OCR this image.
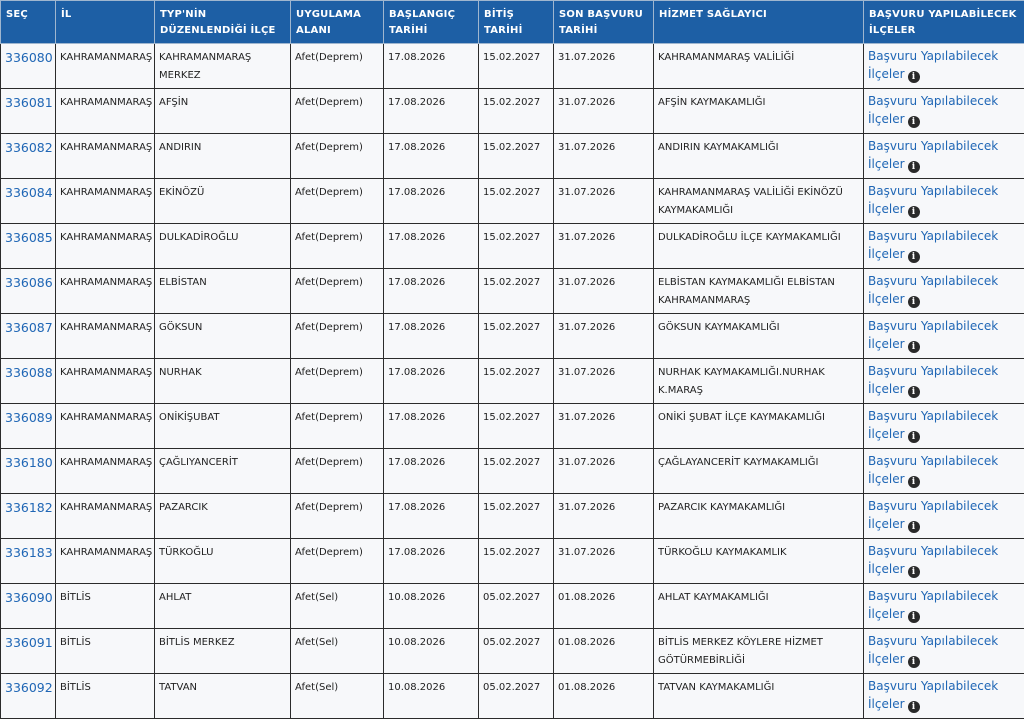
SEÇ	İL	TYP'NİN DÜZENLENDİĞİ İLÇE	UYGULAMA ALANI	BAŞLANGIÇ TARİHİ	BİTİŞ TARİHİ	SON BAŞVURU TARİHİ	HİZMET SAĞLAYICI	BAŞVURU YAPILABİLECEK İLÇELER
336080	KAHRAMANMARAŞ	KAHRAMANMARAŞ MERKEZ	Afet(Deprem)	17.08.2026	15.02.2027	31.07.2026	KAHRAMANMARAŞ VALİLİĞİ	Başvuru Yapılabilecek İlçeler i
336081	KAHRAMANMARAŞ	AFŞİN	Afet(Deprem)	17.08.2026	15.02.2027	31.07.2026	AFŞİN KAYMAKAMLIĞI	Başvuru Yapılabilecek İlçeler i
336082	KAHRAMANMARAŞ	ANDIRIN	Afet(Deprem)	17.08.2026	15.02.2027	31.07.2026	ANDIRIN KAYMAKAMLIĞI	Başvuru Yapılabilecek İlçeler i
336084	KAHRAMANMARAŞ	EKİNÖZÜ	Afet(Deprem)	17.08.2026	15.02.2027	31.07.2026	KAHRAMANMARAŞ VALİLİĞİ EKİNÖZÜ KAYMAKAMLIĞI	Başvuru Yapılabilecek İlçeler i
336085	KAHRAMANMARAŞ	DULKADİROĞLU	Afet(Deprem)	17.08.2026	15.02.2027	31.07.2026	DULKADİROĞLU İLÇE KAYMAKAMLIĞI	Başvuru Yapılabilecek İlçeler i
336086	KAHRAMANMARAŞ	ELBİSTAN	Afet(Deprem)	17.08.2026	15.02.2027	31.07.2026	ELBİSTAN KAYMAKAMLIĞI ELBİSTAN KAHRAMANMARAŞ	Başvuru Yapılabilecek İlçeler i
336087	KAHRAMANMARAŞ	GÖKSUN	Afet(Deprem)	17.08.2026	15.02.2027	31.07.2026	GÖKSUN KAYMAKAMLIĞI	Başvuru Yapılabilecek İlçeler i
336088	KAHRAMANMARAŞ	NURHAK	Afet(Deprem)	17.08.2026	15.02.2027	31.07.2026	NURHAK KAYMAKAMLIĞI.NURHAK K.MARAŞ	Başvuru Yapılabilecek İlçeler i
336089	KAHRAMANMARAŞ	ONİKİŞUBAT	Afet(Deprem)	17.08.2026	15.02.2027	31.07.2026	ONİKİ ŞUBAT İLÇE KAYMAKAMLIĞI	Başvuru Yapılabilecek İlçeler i
336180	KAHRAMANMARAŞ	ÇAĞLIYANCERİT	Afet(Deprem)	17.08.2026	15.02.2027	31.07.2026	ÇAĞLAYANCERİT KAYMAKAMLIĞI	Başvuru Yapılabilecek İlçeler i
336182	KAHRAMANMARAŞ	PAZARCIK	Afet(Deprem)	17.08.2026	15.02.2027	31.07.2026	PAZARCIK KAYMAKAMLIĞI	Başvuru Yapılabilecek İlçeler i
336183	KAHRAMANMARAŞ	TÜRKOĞLU	Afet(Deprem)	17.08.2026	15.02.2027	31.07.2026	TÜRKOĞLU KAYMAKAMLIK	Başvuru Yapılabilecek İlçeler i
336090	BİTLİS	AHLAT	Afet(Sel)	10.08.2026	05.02.2027	01.08.2026	AHLAT KAYMAKAMLIĞI	Başvuru Yapılabilecek İlçeler i
336091	BİTLİS	BİTLİS MERKEZ	Afet(Sel)	10.08.2026	05.02.2027	01.08.2026	BİTLİS MERKEZ KÖYLERE HİZMET GÖTÜRMEBİRLİĞİ	Başvuru Yapılabilecek İlçeler i
336092	BİTLİS	TATVAN	Afet(Sel)	10.08.2026	05.02.2027	01.08.2026	TATVAN KAYMAKAMLIĞI	Başvuru Yapılabilecek İlçeler i
